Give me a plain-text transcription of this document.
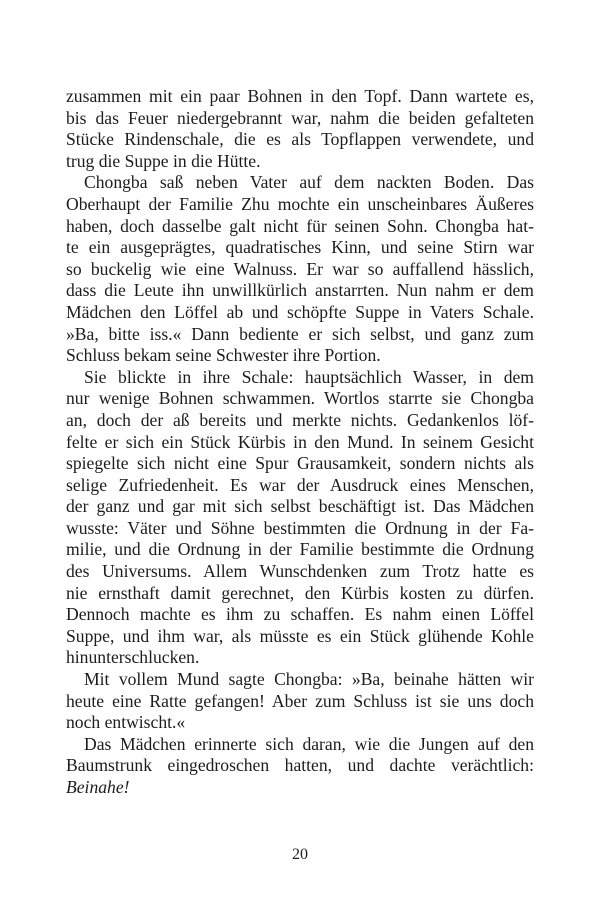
zusammen mit ein paar Bohnen in den Topf. Dann wartete es,
bis das Feuer niedergebrannt war, nahm die beiden gefalteten
Stücke Rindenschale, die es als Topflappen verwendete, und
trug die Suppe in die Hütte.
Chongba saß neben Vater auf dem nackten Boden. Das
Oberhaupt der Familie Zhu mochte ein unscheinbares Äußeres
haben, doch dasselbe galt nicht für seinen Sohn. Chongba hat-
te ein ausgeprägtes, quadratisches Kinn, und seine Stirn war
so buckelig wie eine Walnuss. Er war so auffallend hässlich,
dass die Leute ihn unwillkürlich anstarrten. Nun nahm er dem
Mädchen den Löffel ab und schöpfte Suppe in Vaters Schale.
»Ba, bitte iss.« Dann bediente er sich selbst, und ganz zum
Schluss bekam seine Schwester ihre Portion.
Sie blickte in ihre Schale: hauptsächlich Wasser, in dem
nur wenige Bohnen schwammen. Wortlos starrte sie Chongba
an, doch der aß bereits und merkte nichts. Gedankenlos löf-
felte er sich ein Stück Kürbis in den Mund. In seinem Gesicht
spiegelte sich nicht eine Spur Grausamkeit, sondern nichts als
selige Zufriedenheit. Es war der Ausdruck eines Menschen,
der ganz und gar mit sich selbst beschäftigt ist. Das Mädchen
wusste: Väter und Söhne bestimmten die Ordnung in der Fa-
milie, und die Ordnung in der Familie bestimmte die Ordnung
des Universums. Allem Wunschdenken zum Trotz hatte es
nie ernsthaft damit gerechnet, den Kürbis kosten zu dürfen.
Dennoch machte es ihm zu schaffen. Es nahm einen Löffel
Suppe, und ihm war, als müsste es ein Stück glühende Kohle
hinunterschlucken.
Mit vollem Mund sagte Chongba: »Ba, beinahe hätten wir
heute eine Ratte gefangen! Aber zum Schluss ist sie uns doch
noch entwischt.«
Das Mädchen erinnerte sich daran, wie die Jungen auf den
Baumstrunk eingedroschen hatten, und dachte verächtlich:
Beinahe!
20
